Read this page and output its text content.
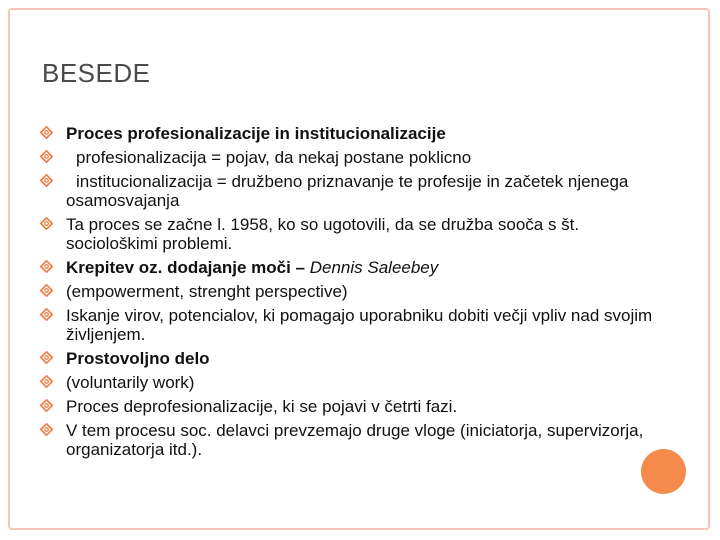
BESEDE
Proces profesionalizacije in institucionalizacije
profesionalizacija = pojav, da nekaj postane poklicno
institucionalizacija = družbeno priznavanje te profesije in začetek njenega osamosvajanja
Ta proces se začne l. 1958, ko so ugotovili, da se družba sooča s št. sociološkimi problemi.
Krepitev oz. dodajanje moči – Dennis Saleebey
(empowerment, strenght perspective)
Iskanje virov, potencialov, ki pomagajo uporabniku dobiti večji vpliv nad svojim življenjem.
Prostovoljno delo
(voluntarily work)
Proces deprofesionalizacije, ki se pojavi v četrti fazi.
V tem procesu soc. delavci prevzemajo druge vloge (iniciatorja, supervizorja, organizatorja itd.).
